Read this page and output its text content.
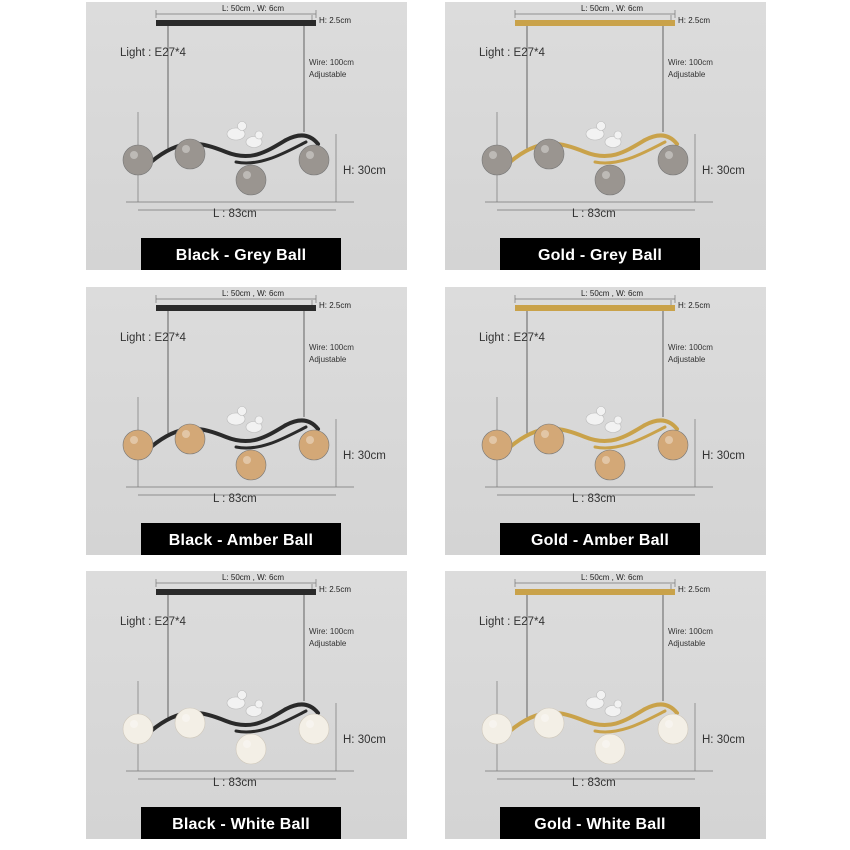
L: 50cm , W: 6cm
H: 2.5cm
Light : E27*4
Wire: 100cm
Adjustable
H: 30cm
L : 83cm
Black - Grey Ball
L: 50cm , W: 6cm
H: 2.5cm
Light : E27*4
Wire: 100cm
Adjustable
H: 30cm
L : 83cm
Gold - Grey Ball
L: 50cm , W: 6cm
H: 2.5cm
Light : E27*4
Wire: 100cm
Adjustable
H: 30cm
L : 83cm
Black - Amber Ball
L: 50cm , W: 6cm
H: 2.5cm
Light : E27*4
Wire: 100cm
Adjustable
H: 30cm
L : 83cm
Gold - Amber Ball
L: 50cm , W: 6cm
H: 2.5cm
Light : E27*4
Wire: 100cm
Adjustable
H: 30cm
L : 83cm
Black - White Ball
L: 50cm , W: 6cm
H: 2.5cm
Light : E27*4
Wire: 100cm
Adjustable
H: 30cm
L : 83cm
Gold - White Ball
